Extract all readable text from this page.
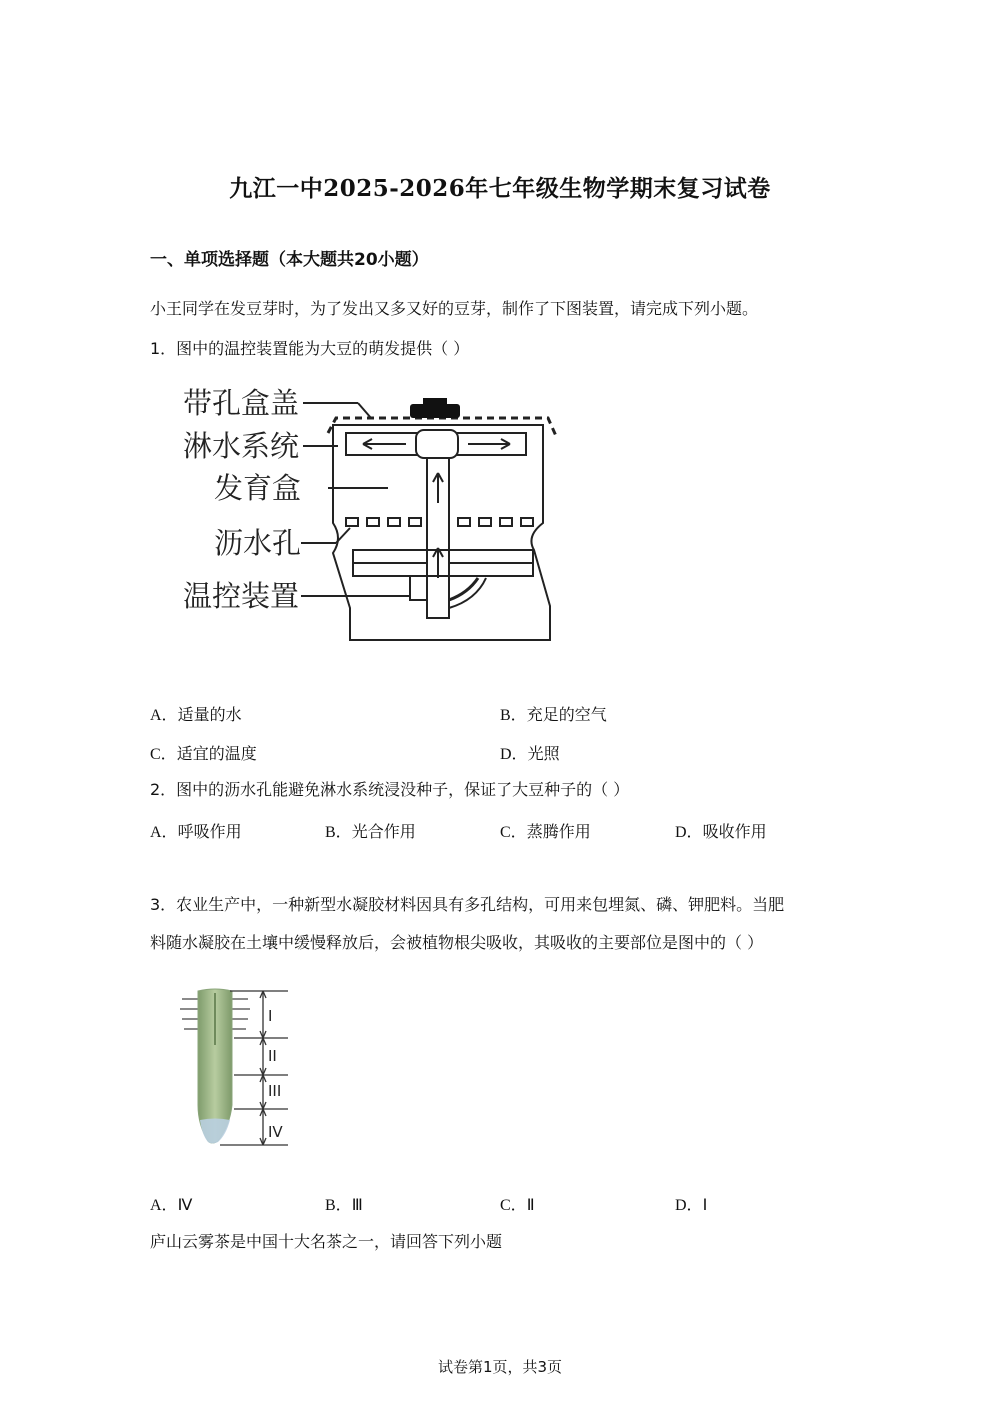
九江一中2025-2026年七年级生物学期末复习试卷
一、单项选择题（本大题共20小题）
小王同学在发豆芽时，为了发出又多又好的豆芽，制作了下图装置，请完成下列小题。
1．图中的温控装置能为大豆的萌发提供（ ）
带孔盒盖
淋水系统
发育盒
沥水孔
温控装置
A．适量的水	B．充足的空气
C．适宜的温度	D．光照
2．图中的沥水孔能避免淋水系统浸没种子，保证了大豆种子的（ ）
A．呼吸作用	B．光合作用	C．蒸腾作用	D．吸收作用
3．农业生产中，一种新型水凝胶材料因具有多孔结构，可用来包埋氮、磷、钾肥料。当肥
料随水凝胶在土壤中缓慢释放后，会被植物根尖吸收，其吸收的主要部位是图中的（ ）
I
II
III
IV
A．Ⅳ	B．Ⅲ	C．Ⅱ	D．Ⅰ
庐山云雾茶是中国十大名茶之一，请回答下列小题
试卷第1页，共3页
